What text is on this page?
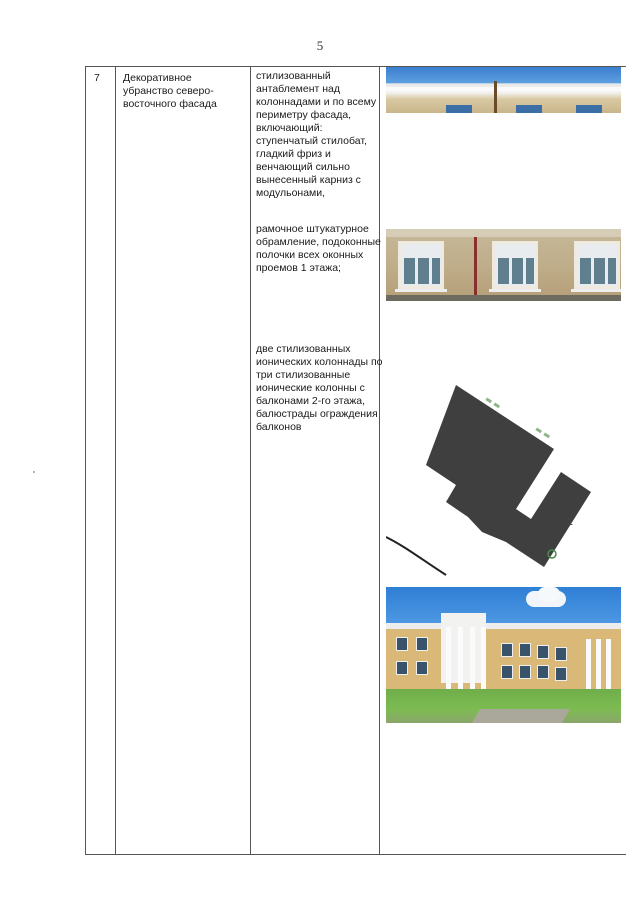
5
7 Декоративное убранство северо-восточного фасада
стилизованный антаблемент над колоннадами и по всему периметру фасада, включающий: ступенчатый стилобат, гладкий фриз и венчающий сильно вынесенный карниз с модульонами,
рамочное штукатурное обрамление, подоконные полочки всех оконных проемов 1 этажа;
две стилизованных ионических колоннады по три стилизованные ионические колонны с балконами 2-го этажа, балюстрады ограждения балконов
1
